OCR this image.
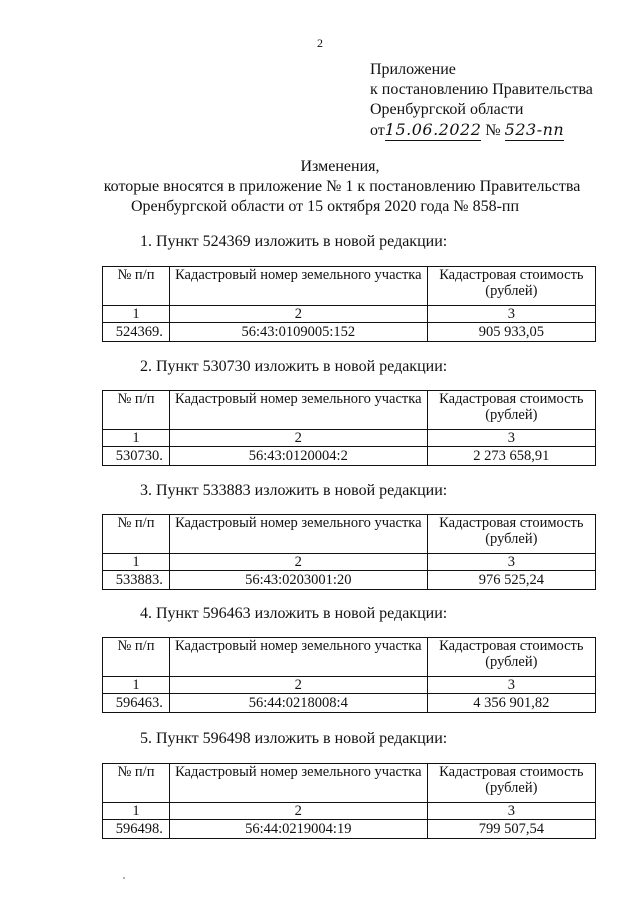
2
Приложение
к постановлению Правительства
Оренбургской области
от15.06.2022 № 523-пп
Изменения,
которые вносятся в приложение № 1 к постановлению Правительства
Оренбургской области от 15 октября 2020 года № 858-пп
1. Пункт 524369 изложить в новой редакции:
№ п/п	Кадастровый номер земельного участка	Кадастровая стоимость (рублей)
1	2	3
524369.	56:43:0109005:152	905 933,05
2. Пункт 530730 изложить в новой редакции:
№ п/п	Кадастровый номер земельного участка	Кадастровая стоимость (рублей)
1	2	3
530730.	56:43:0120004:2	2 273 658,91
3. Пункт 533883 изложить в новой редакции:
№ п/п	Кадастровый номер земельного участка	Кадастровая стоимость (рублей)
1	2	3
533883.	56:43:0203001:20	976 525,24
4. Пункт 596463 изложить в новой редакции:
№ п/п	Кадастровый номер земельного участка	Кадастровая стоимость (рублей)
1	2	3
596463.	56:44:0218008:4	4 356 901,82
5. Пункт 596498 изложить в новой редакции:
№ п/п	Кадастровый номер земельного участка	Кадастровая стоимость (рублей)
1	2	3
596498.	56:44:0219004:19	799 507,54
